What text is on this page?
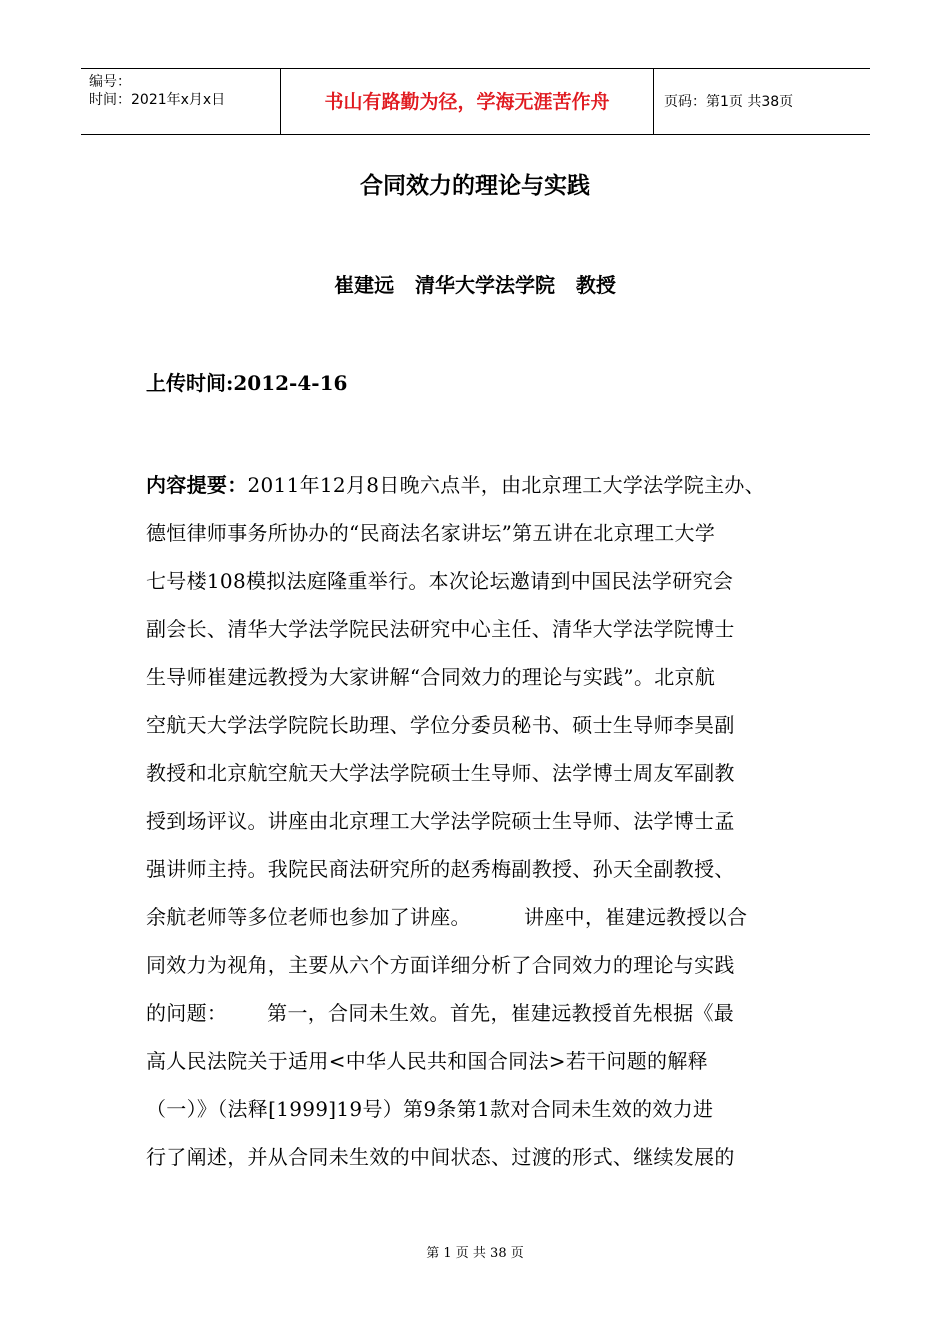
编号：
时间：2021年x月x日	书山有路勤为径，学海无涯苦作舟	页码：第1页 共38页
合同效力的理论与实践
崔建远   清华大学法学院   教授
上传时间:2012-4-16
内容提要：2011年12月8日晚六点半，由北京理工大学法学院主办、
德恒律师事务所协办的“民商法名家讲坛”第五讲在北京理工大学
七号楼108模拟法庭隆重举行。本次论坛邀请到中国民法学研究会
副会长、清华大学法学院民法研究中心主任、清华大学法学院博士
生导师崔建远教授为大家讲解“合同效力的理论与实践”。北京航
空航天大学法学院院长助理、学位分委员秘书、硕士生导师李昊副
教授和北京航空航天大学法学院硕士生导师、法学博士周友军副教
授到场评议。讲座由北京理工大学法学院硕士生导师、法学博士孟
强讲师主持。我院民商法研究所的赵秀梅副教授、孙天全副教授、
余航老师等多位老师也参加了讲座。        讲座中，崔建远教授以合
同效力为视角，主要从六个方面详细分析了合同效力的理论与实践
的问题：      第一，合同未生效。首先，崔建远教授首先根据《最
高人民法院关于适用<中华人民共和国合同法>若干问题的解释
（一）》（法释[1999]19号）第9条第1款对合同未生效的效力进
行了阐述，并从合同未生效的中间状态、过渡的形式、继续发展的
第 1 页 共 38 页
